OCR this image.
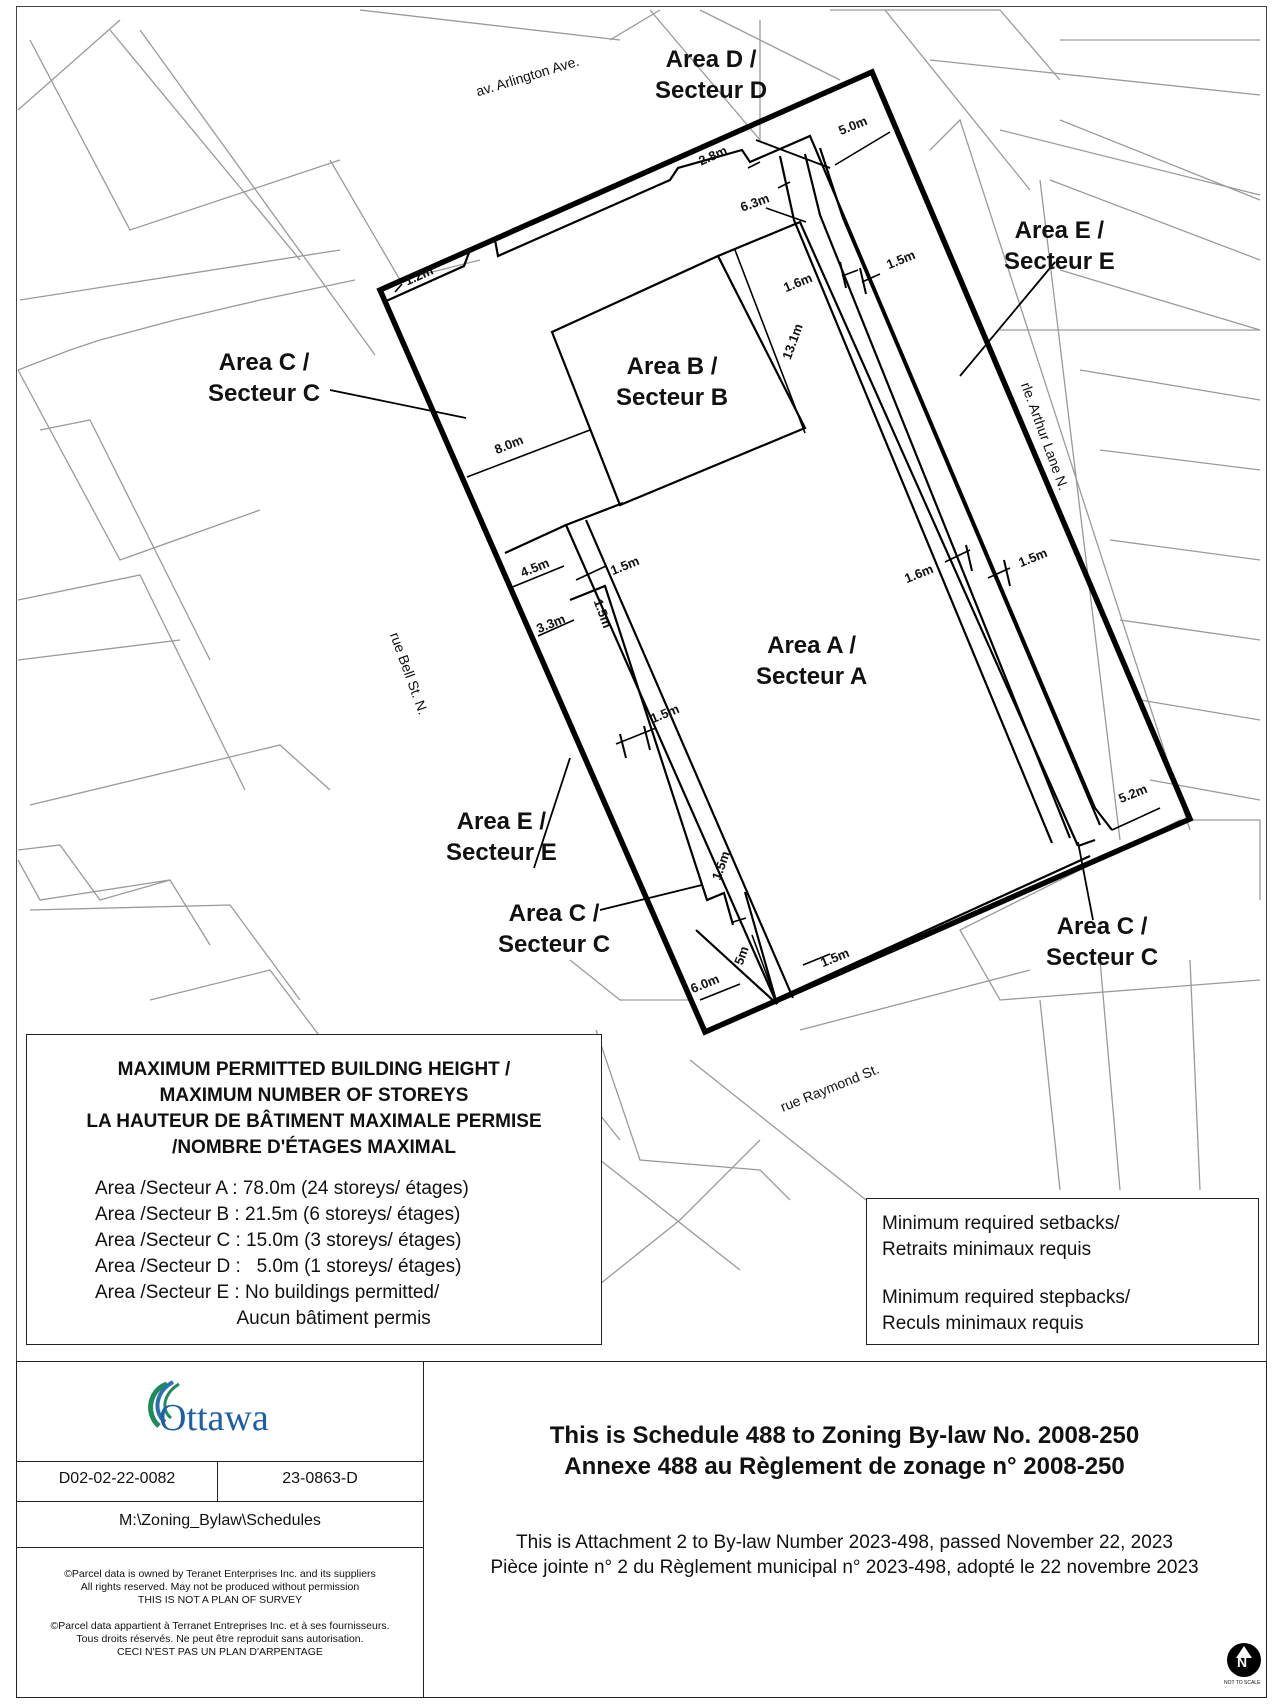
av. Arlington Ave.
rle. Arthur Lane N.
rue Bell St. N.
rue Raymond St.
Area D /
Secteur D
Area E /
Secteur E
Area C /
Secteur C
Area B /
Secteur B
Area A /
Secteur A
Area E /
Secteur E
Area C /
Secteur C
Area C /
Secteur C
2.8m
5.0m
6.3m
1.2m	1.6m
1.5m
13.1m
8.0m
4.5m	1.5m
1.5m
3.3m
1.6m
1.5m
1.5m
5.2m
1.5m
6.0m
5m	1.5m
MAXIMUM PERMITTED BUILDING HEIGHT /
MAXIMUM NUMBER OF STOREYS
LA HAUTEUR DE BÂTIMENT MAXIMALE PERMISE
/NOMBRE D'ÉTAGES MAXIMAL
Area /Secteur A : 78.0m (24 storeys/ étages)
Area /Secteur B : 21.5m (6 storeys/ étages)
Area /Secteur C : 15.0m (3 storeys/ étages)
Area /Secteur D :   5.0m (1 storeys/ étages)
Area /Secteur E : No buildings permitted/
Aucun bâtiment permis
Minimum required setbacks/
Retraits minimaux requis
Minimum required stepbacks/
Reculs minimaux requis
Ottawa
D02-02-22-0082	23-0863-D
M:\Zoning_Bylaw\Schedules
©Parcel data is owned by Teranet Enterprises Inc. and its suppliers
All rights reserved. May not be produced without permission
THIS IS NOT A PLAN OF SURVEY
©Parcel data appartient à Terranet Entreprises Inc. et à ses fournisseurs.
Tous droits réservés. Ne peut être reproduit sans autorisation.
CECI N'EST PAS UN PLAN D'ARPENTAGE
This is Schedule 488 to Zoning By-law No. 2008-250
Annexe 488 au Règlement de zonage n° 2008-250
This is Attachment 2 to By-law Number 2023-498, passed November 22, 2023
Pièce jointe n° 2 du Règlement municipal n° 2023-498, adopté le 22 novembre 2023
N
NOT TO SCALE
